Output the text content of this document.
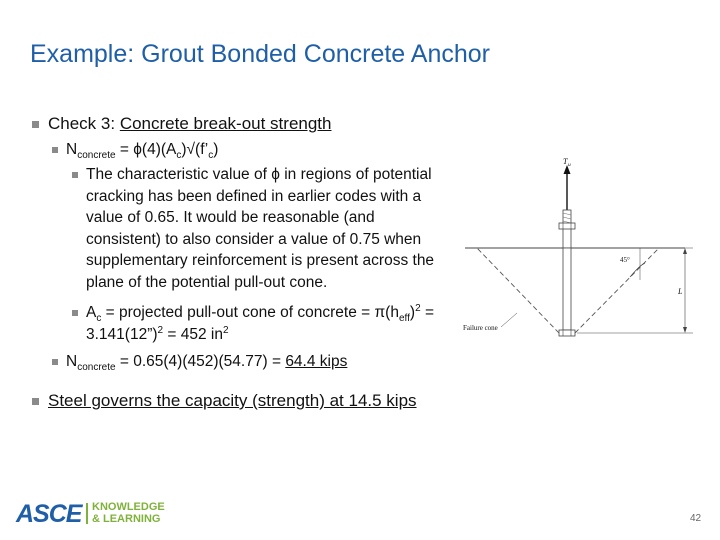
Example: Grout Bonded Concrete Anchor
Check 3: Concrete break-out strength
$N_{concrete}$ = $\phi(4)(A_c)√(f’_c)$
The characteristic value of ϕ in regions of potential cracking has been defined in earlier codes with a value of 0.65. It would be reasonable (and consistent) to also consider a value of 0.75 when supplementary reinforcement is present across the plane of the potential pull-out cone.
$A_c$ = projected pull-out cone of concrete = $\pi(h_{eff})^2$ = 3.141(12”)$^2$ = 452 $in^2$
$N_{concrete} = 0.65(4)(452)(54.77) = 64.4$ kips
Steel governs the capacity (strength) at 14.5 kips
T u
45°
L
Failure cone
ASCE KNOWLEDGE
& LEARNING	42
